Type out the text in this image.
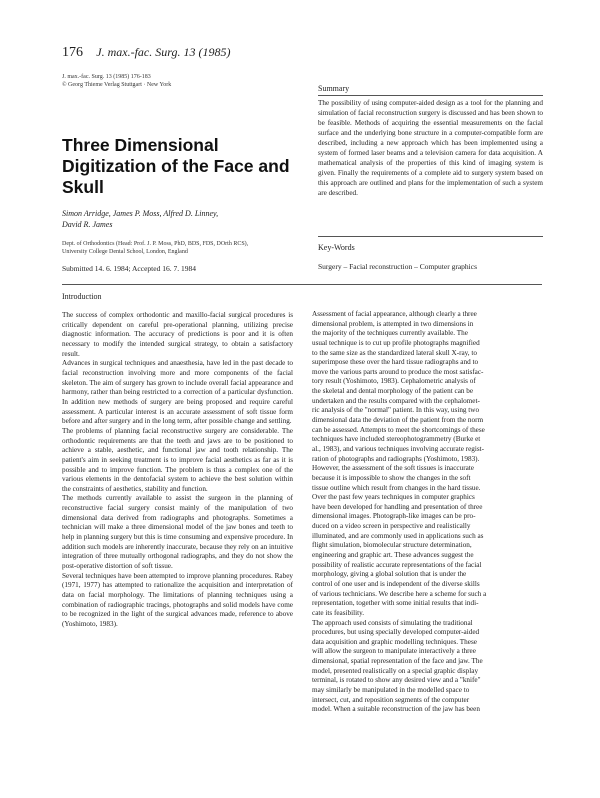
176 J. max.-fac. Surg. 13 (1985)
J. max.-fac. Surg. 13 (1985) 176-183
© Georg Thieme Verlag Stuttgart · New York
Three Dimensional Digitization of the Face and Skull
Simon Arridge, James P. Moss, Alfred D. Linney,
David R. James
Dept. of Orthodontics (Head: Prof. J. P. Moss, PhD, BDS, FDS, DOrth RCS),
University College Dental School, London, England
Submitted 14. 6. 1984; Accepted 16. 7. 1984
Summary
The possibility of using computer-aided design as a tool for the planning and simulation of facial reconstruction surgery is discussed and has been shown to be feasible. Methods of acquiring the essential measurements on the facial surface and the underlying bone structure in a computer-compatible form are described, including a new approach which has been implemented using a system of formed laser beams and a television camera for data acquisition. A mathematical analysis of the properties of this kind of imaging system is given. Finally the requirements of a complete aid to surgery system based on this approach are outlined and plans for the implementation of such a system are described.
Key-Words
Surgery – Facial reconstruction – Computer graphics
Introduction

The success of complex orthodontic and maxillo-facial surgical procedures is critically dependent on careful pre-operational planning, utilizing precise diagnostic information. The accuracy of predictions is poor and it is often necessary to modify the intended surgical strategy, to obtain a satisfactory result.

Advances in surgical techniques and anaesthesia, have led in the past decade to facial reconstruction involving more and more components of the facial skeleton. The aim of surgery has grown to include overall facial appearance and harmony, rather than being restricted to a correction of a particular dysfunction. In addition new methods of surgery are being proposed and require careful assessment. A particular interest is an accurate assessment of soft tissue form before and after surgery and in the long term, after possible change and settling.

The problems of planning facial reconstructive surgery are considerable. The orthodontic requirements are that the teeth and jaws are to be positioned to achieve a stable, aesthetic, and functional jaw and tooth relationship. The patient's aim in seeking treatment is to improve facial aesthetics as far as it is possible and to improve function. The problem is thus a complex one of the various elements in the dentofacial system to achieve the best solution within the constraints of aesthetics, stability and function.

The methods currently available to assist the surgeon in the planning of reconstructive facial surgery consist mainly of the manipulation of two dimensional data derived from radiographs and photographs. Sometimes a technician will make a three dimensional model of the jaw bones and teeth to help in planning surgery but this is time consuming and expensive procedure. In addition such models are inherently inaccurate, because they rely on an intuitive integration of three mutually orthogonal radiographs, and they do not show the post-operative distortion of soft tissue.

Several techniques have been attempted to improve planning procedures. Rabey (1971, 1977) has attempted to rationalize the acquisition and interpretation of data on facial morphology. The limitations of planning techniques using a combination of radiographic tracings, photographs and solid models have come to be recognized in the light of the surgical advances made, reference to above (Yoshimoto, 1983).

Assessment of facial appearance, although clearly a three
dimensional problem, is attempted in two dimensions in
the majority of the techniques currently available. The
usual technique is to cut up profile photographs magnified
to the same size as the standardized lateral skull X-ray, to
superimpose these over the hard tissue radiographs and to
move the various parts around to produce the most satisfac-
tory result (Yoshimoto, 1983). Cephalometric analysis of
the skeletal and dental morphology of the patient can be
undertaken and the results compared with the cephalomet-
ric analysis of the "normal" patient. In this way, using two
dimensional data the deviation of the patient from the norm
can be assessed. Attempts to meet the shortcomings of these
techniques have included stereophotogrammetry (Burke et
al., 1983), and various techniques involving accurate regist-
ration of photographs and radiographs (Yoshimoto, 1983).
However, the assessment of the soft tissues is inaccurate
because it is impossible to show the changes in the soft
tissue outline which result from changes in the hard tissue.
Over the past few years techniques in computer graphics
have been developed for handling and presentation of three
dimensional images. Photograph-like images can be pro-
duced on a video screen in perspective and realistically
illuminated, and are commonly used in applications such as
flight simulation, biomolecular structure determination,
engineering and graphic art. These advances suggest the
possibility of realistic accurate representations of the facial
morphology, giving a global solution that is under the
control of one user and is independent of the diverse skills
of various technicians. We describe here a scheme for such a
representation, together with some initial results that indi-
cate its feasibility.
The approach used consists of simulating the traditional
procedures, but using specially developed computer-aided
data acquisition and graphic modelling techniques. These
will allow the surgeon to manipulate interactively a three
dimensional, spatial representation of the face and jaw. The
model, presented realistically on a special graphic display
terminal, is rotated to show any desired view and a "knife"
may similarly be manipulated in the modelled space to
intersect, cut, and reposition segments of the computer
model. When a suitable reconstruction of the jaw has been
